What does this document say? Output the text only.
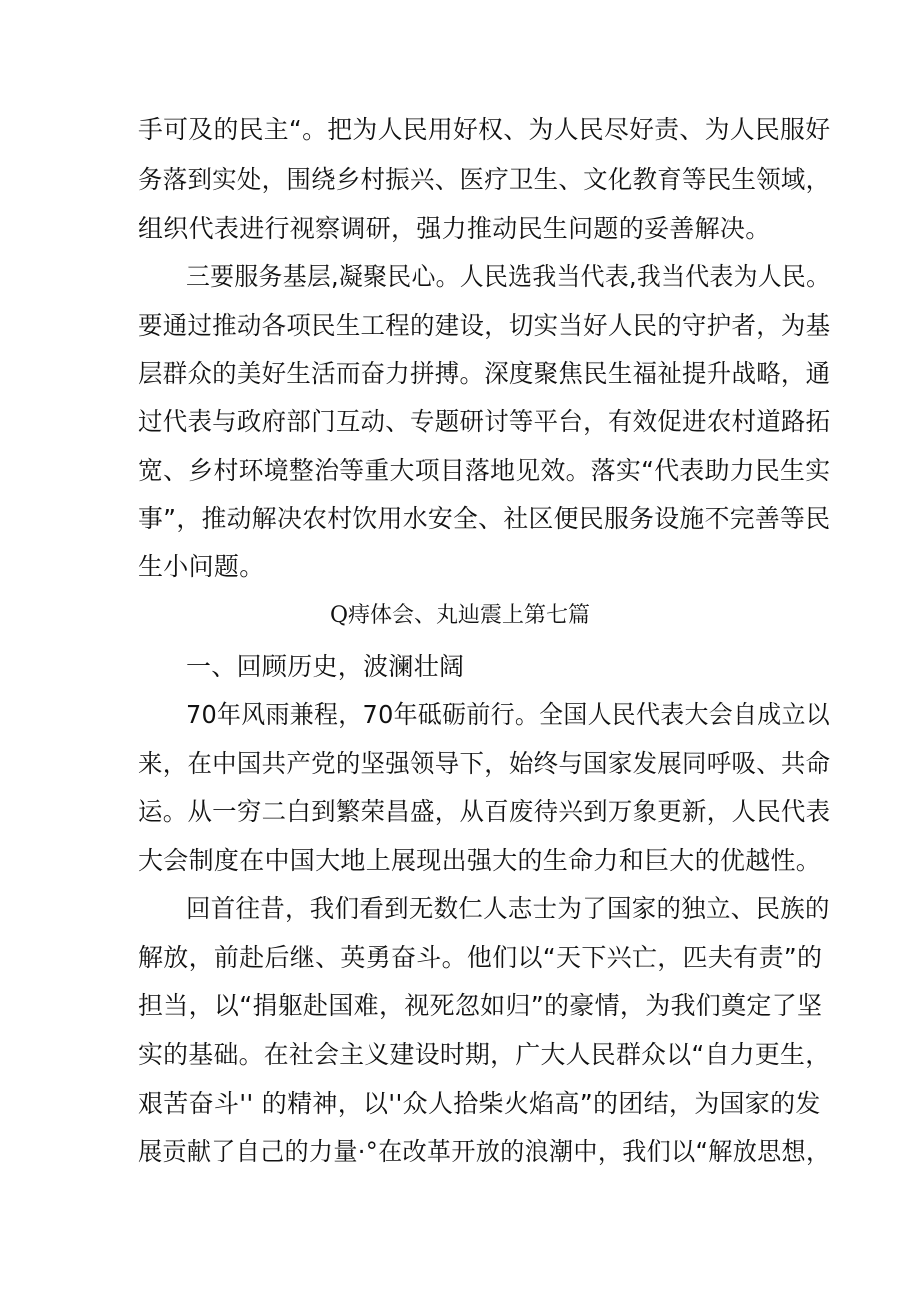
手可及的民主“。把为人民用好权、为人民尽好责、为人民服好
务落到实处，围绕乡村振兴、医疗卫生、文化教育等民生领域，
组织代表进行视察调研，强力推动民生问题的妥善解决。
三要服务基层,凝聚民心。人民选我当代表,我当代表为人民。
要通过推动各项民生工程的建设，切实当好人民的守护者，为基
层群众的美好生活而奋力拼搏。深度聚焦民生福祉提升战略，通
过代表与政府部门互动、专题研讨等平台，有效促进农村道路拓
宽、乡村环境整治等重大项目落地见效。落实“代表助力民生实
事”，推动解决农村饮用水安全、社区便民服务设施不完善等民
生小问题。
Q痔体会、丸辿震上第七篇
一、回顾历史，波澜壮阔
70年风雨兼程，70年砥砺前行。全国人民代表大会自成立以
来，在中国共产党的坚强领导下，始终与国家发展同呼吸、共命
运。从一穷二白到繁荣昌盛，从百废待兴到万象更新，人民代表
大会制度在中国大地上展现出强大的生命力和巨大的优越性。
回首往昔，我们看到无数仁人志士为了国家的独立、民族的
解放，前赴后继、英勇奋斗。他们以“天下兴亡，匹夫有责”的
担当，以“捐躯赴国难，视死忽如归”的豪情，为我们奠定了坚
实的基础。在社会主义建设时期，广大人民群众以“自力更生，
艰苦奋斗'' 的精神，以''众人拾柴火焰高”的团结，为国家的发
展贡献了自己的力量·°在改革开放的浪潮中，我们以“解放思想，
